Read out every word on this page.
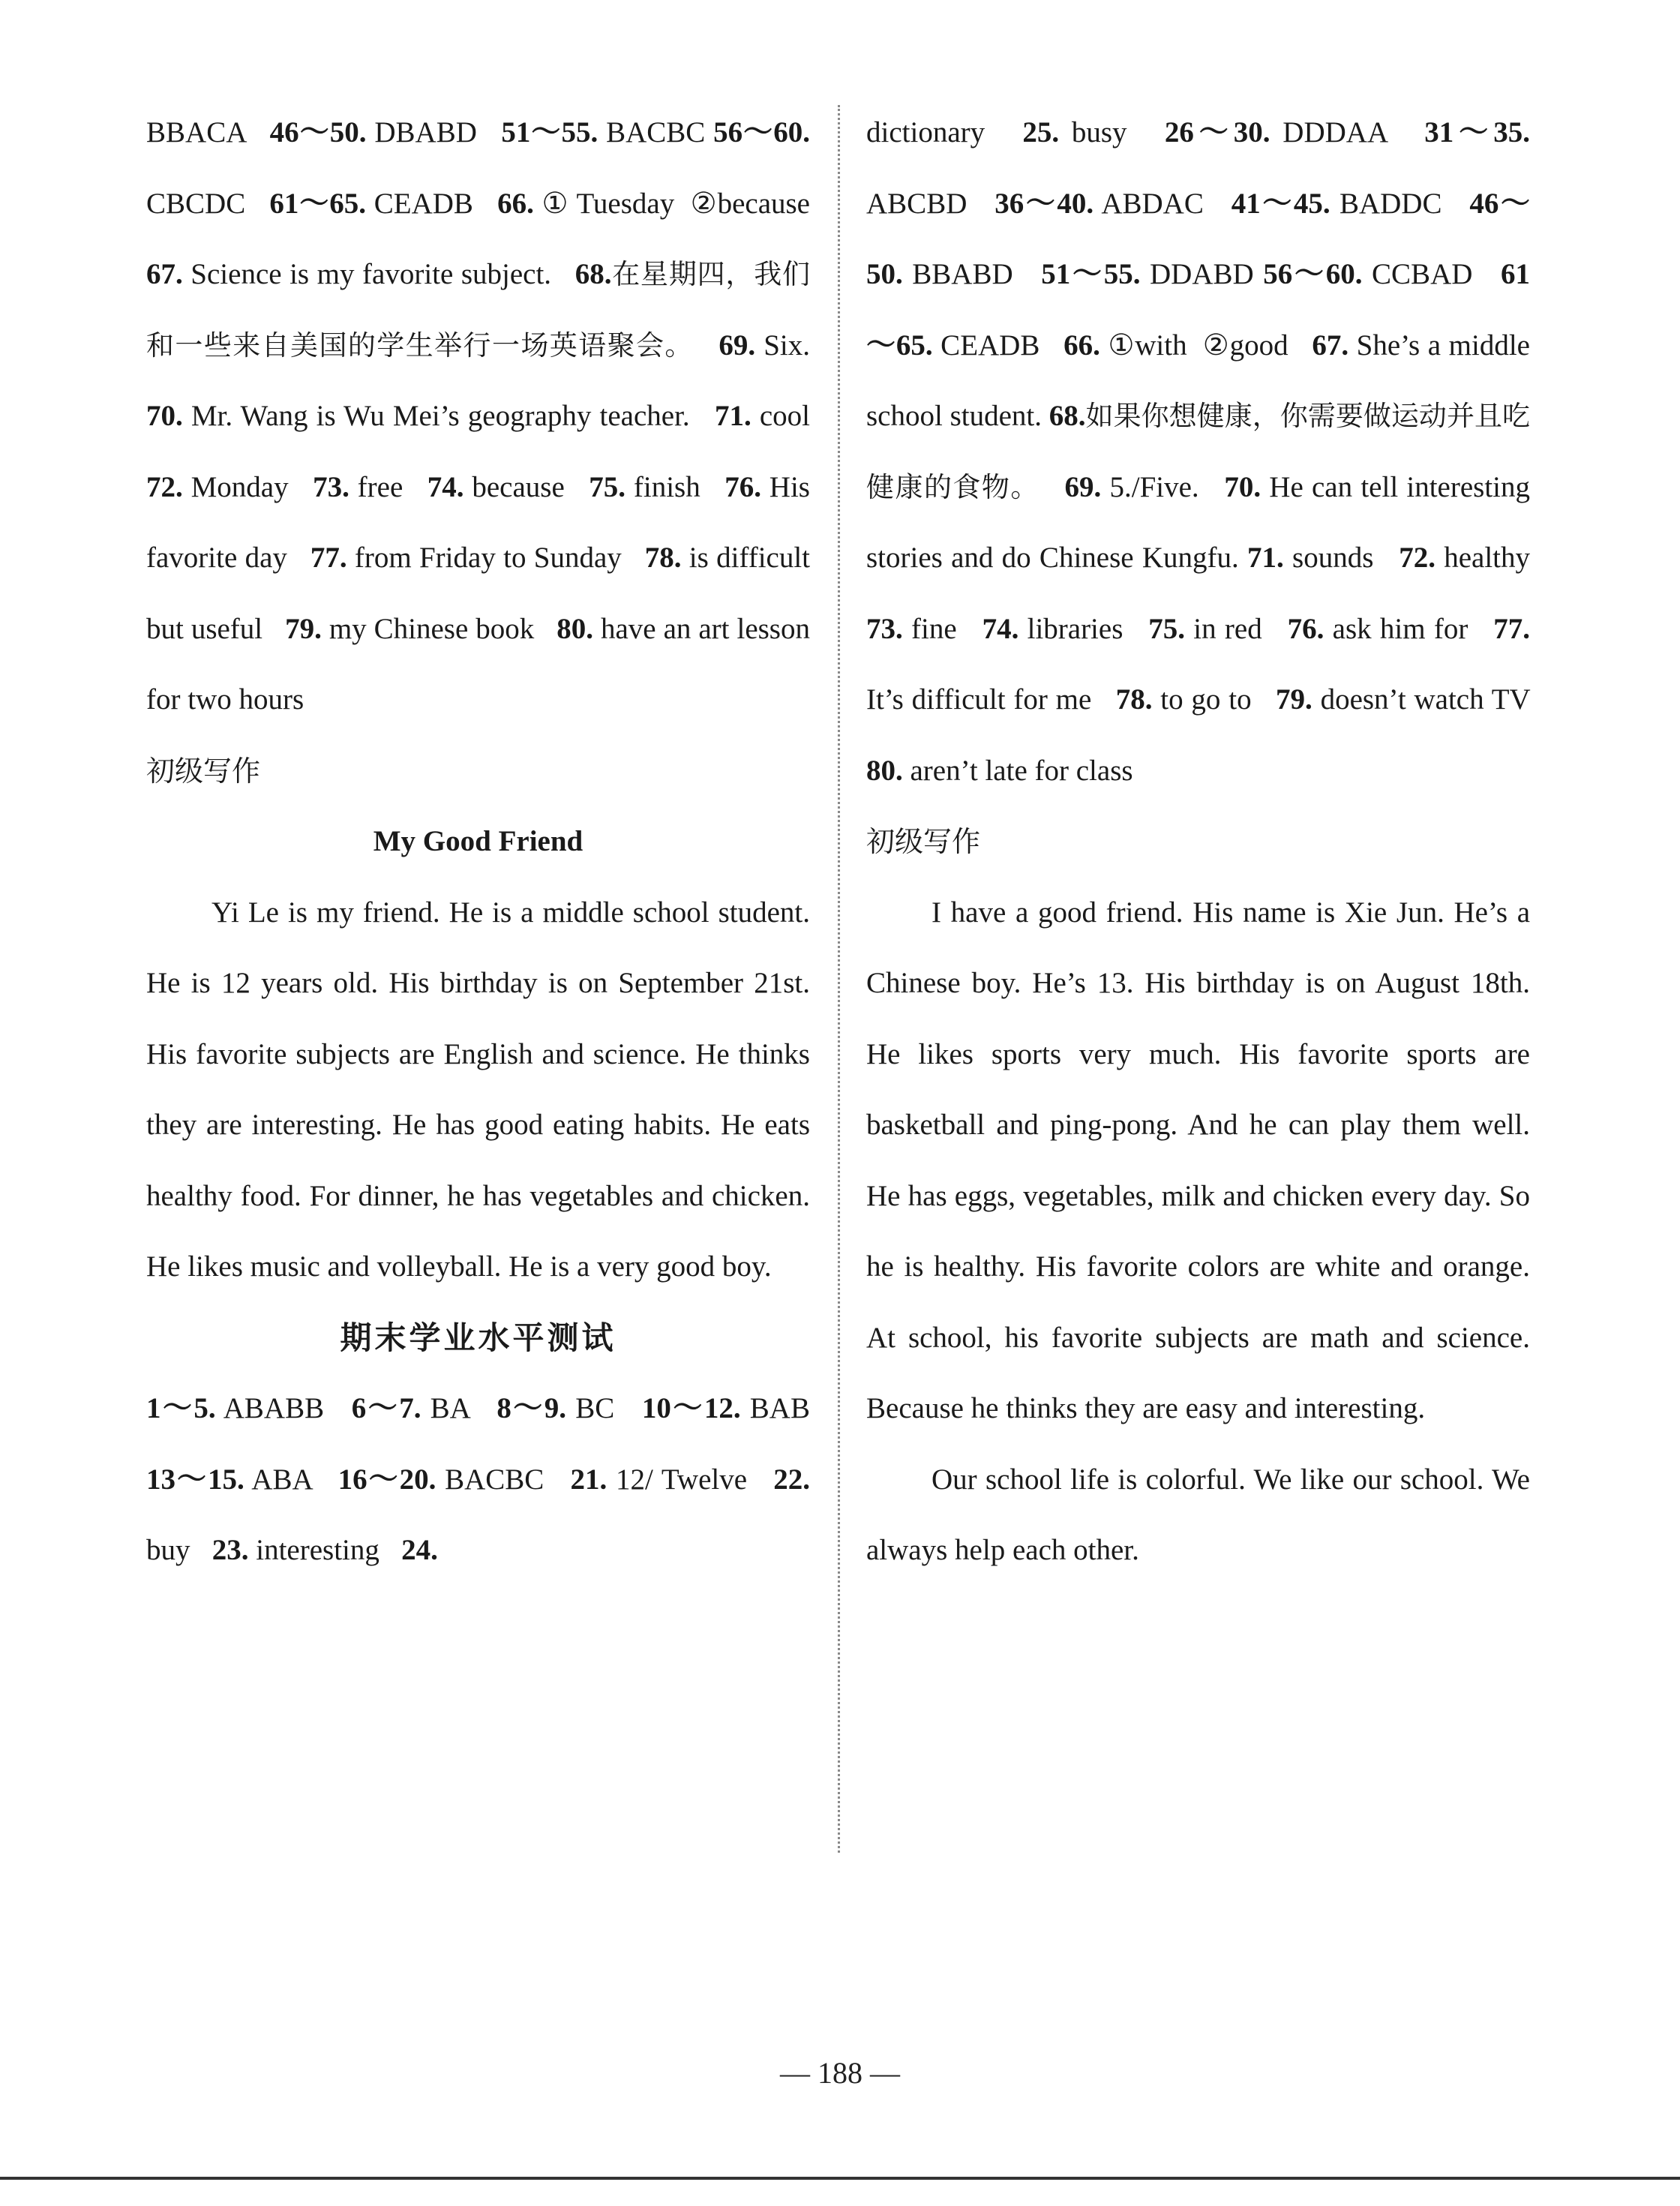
BBACA   46～50. DBABD   51～55. BACBC 56～60. CBCDC   61～65. CEADB   66. ① Tuesday  ②because   67. Science is my favorite subject.   68.在星期四，我们和一些来自美国的学生举行一场英语聚会。 69. Six.   70. Mr. Wang is Wu Mei’s geography teacher.   71. cool   72. Monday   73. free   74. because   75. finish   76. His favorite day   77. from Friday to Sunday   78. is difficult but useful   79. my Chinese book   80. have an art lesson for two hours

初级写作

My Good Friend

Yi Le is my friend. He is a middle school student. He is 12 years old. His birthday is on September 21st. His favorite subjects are English and science. He thinks they are interesting. He has good eating habits. He eats healthy food. For dinner, he has vegetables and chicken. He likes music and volleyball. He is a very good boy.

期末学业水平测试

1～5. ABABB   6～7. BA   8～9. BC   10～12. BAB   13～15. ABA   16～20. BACBC   21. 12/ Twelve   22. buy   23. interesting   24.

dictionary   25. busy   26～30. DDDAA   31～35. ABCBD   36～40. ABDAC   41～45. BADDC   46～50. BBABD   51～55. DDABD 56～60. CCBAD   61～65. CEADB   66. ①with  ②good   67. She’s a middle school student. 68.如果你想健康，你需要做运动并且吃健康的食物。 69. 5./Five.   70. He can tell interesting stories and do Chinese Kungfu. 71. sounds   72. healthy   73. fine   74. libraries   75. in red   76. ask him for   77. It’s difficult for me   78. to go to   79. doesn’t watch TV 80. aren’t late for class

初级写作

I have a good friend. His name is Xie Jun. He’s a Chinese boy. He’s 13. His birthday is on August 18th. He likes sports very much. His favorite sports are basketball and ping-pong. And he can play them well. He has eggs, vegetables, milk and chicken every day. So he is healthy. His favorite colors are white and orange. At school, his favorite subjects are math and science. Because he thinks they are easy and interesting.

Our school life is colorful. We like our school. We always help each other.

— 188 —
